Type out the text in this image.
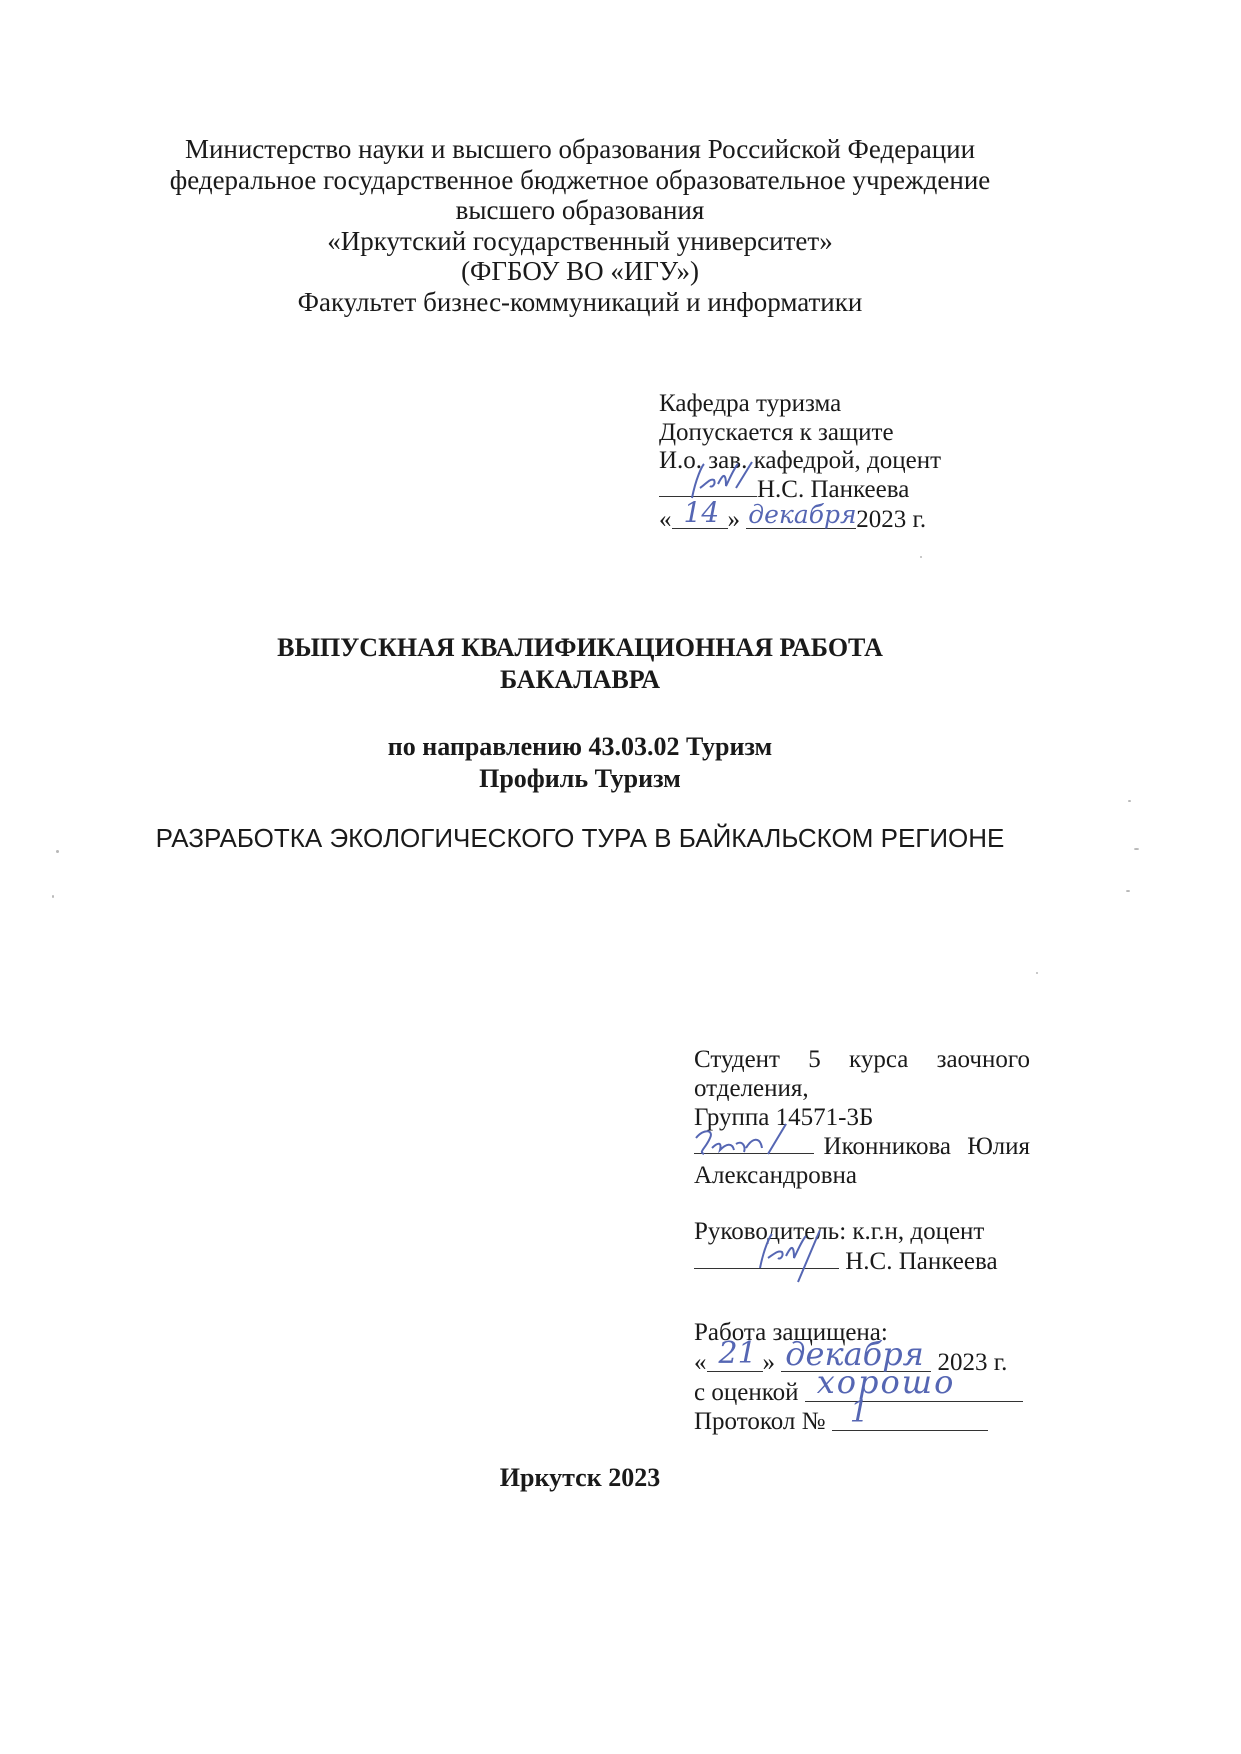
Министерство науки и высшего образования Российской Федерации
федеральное государственное бюджетное образовательное учреждение
высшего образования
«Иркутский государственный университет»
(ФГБОУ ВО «ИГУ»)
Факультет бизнес-коммуникаций и информатики
Кафедра туризма
Допускается к защите
И.о. зав. кафедрой, доцент
Н.С. Панкеева
« 14 » декабря 2023 г.
ВЫПУСКНАЯ КВАЛИФИКАЦИОННАЯ РАБОТА
БАКАЛАВРА
по направлению 43.03.02 Туризм
Профиль Туризм
РАЗРАБОТКА ЭКОЛОГИЧЕСКОГО ТУРА В БАЙКАЛЬСКОМ РЕГИОНЕ
Студент 5 курса заочного
отделения,
Группа 14571-3Б
Иконникова Юлия
Александровна
Руководитель: к.г.н, доцент
Н.С. Панкеева
Работа защищена:
« 21 » декабря 2023 г.
с оценкой хорошо
Протокол № 1
Иркутск 2023
